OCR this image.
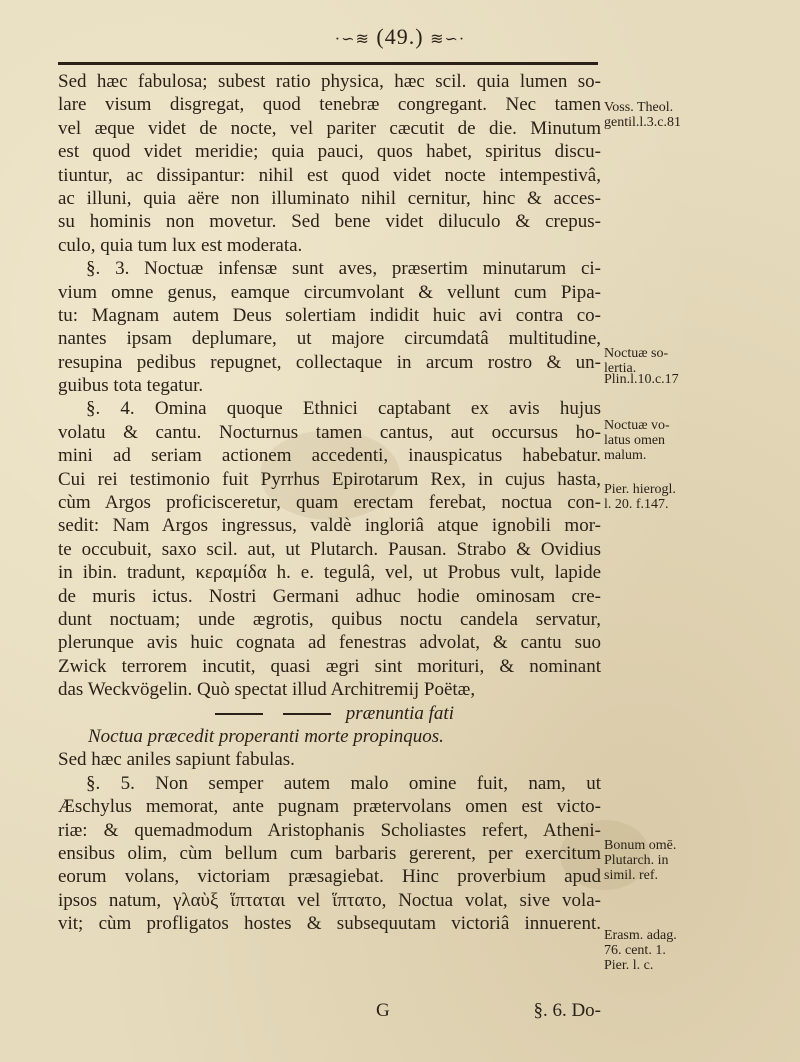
·∽≋ (49.) ≋∽·
Sed hæc fabulosa; subest ratio physica, hæc scil. quia lumen so-
lare visum disgregat, quod tenebræ congregant. Nec tamen
vel æque videt de nocte, vel pariter cæcutit de die. Minutum
est quod videt meridie; quia pauci, quos habet, spiritus discu-
tiuntur, ac dissipantur: nihil est quod videt nocte intempestivâ,
ac illuni, quia aëre non illuminato nihil cernitur, hinc & acces-
su hominis non movetur. Sed bene videt diluculo & crepus-
culo, quia tum lux est moderata.
§. 3. Noctuæ infensæ sunt aves, præsertim minutarum ci-
vium omne genus, eamque circumvolant & vellunt cum Pipa-
tu: Magnam autem Deus solertiam indidit huic avi contra co-
nantes ipsam deplumare, ut majore circumdatâ multitudine,
resupina pedibus repugnet, collectaque in arcum rostro & un-
guibus tota tegatur.
§. 4. Omina quoque Ethnici captabant ex avis hujus
volatu & cantu. Nocturnus tamen cantus, aut occursus ho-
mini ad seriam actionem accedenti, inauspicatus habebatur.
Cui rei testimonio fuit Pyrrhus Epirotarum Rex, in cujus hasta,
cùm Argos proficisceretur, quam erectam ferebat, noctua con-
sedit: Nam Argos ingressus, valdè ingloriâ atque ignobili mor-
te occubuit, saxo scil. aut, ut Plutarch. Pausan. Strabo & Ovidius
in ibin. tradunt, κεραμίδα h. e. tegulâ, vel, ut Probus vult, lapide
de muris ictus. Nostri Germani adhuc hodie ominosam cre-
dunt noctuam; unde ægrotis, quibus noctu candela servatur,
plerunque avis huic cognata ad fenestras advolat, & cantu suo
Zwick terrorem incutit, quasi ægri sint morituri, & nominant
das Weckvögelin. Quò spectat illud Architremij Poëtæ,
prænuntia fati
Noctua præcedit properanti morte propinquos.
Sed hæc aniles sapiunt fabulas.
§. 5. Non semper autem malo omine fuit, nam, ut
Æschylus memorat, ante pugnam prætervolans omen est victo-
riæ: & quemadmodum Aristophanis Scholiastes refert, Atheni-
ensibus olim, cùm bellum cum barbaris gererent, per exercitum
eorum volans, victoriam præsagiebat. Hinc proverbium apud
ipsos natum, γλαὺξ ἵπταται vel ἵπτατο, Noctua volat, sive vola-
vit; cùm profligatos hostes & subsequutam victoriâ innuerent.
Voss. Theol.
gentil.l.3.c.81
Noctuæ so-
lertia.
Plin.l.10.c.17
Noctuæ vo-
latus omen
malum.
Pier. hierogl.
l. 20. f.147.
Bonum omē.
Plutarch. in
simil. ref.
Erasm. adag.
76. cent. 1.
Pier. l. c.
G	§. 6. Do-
